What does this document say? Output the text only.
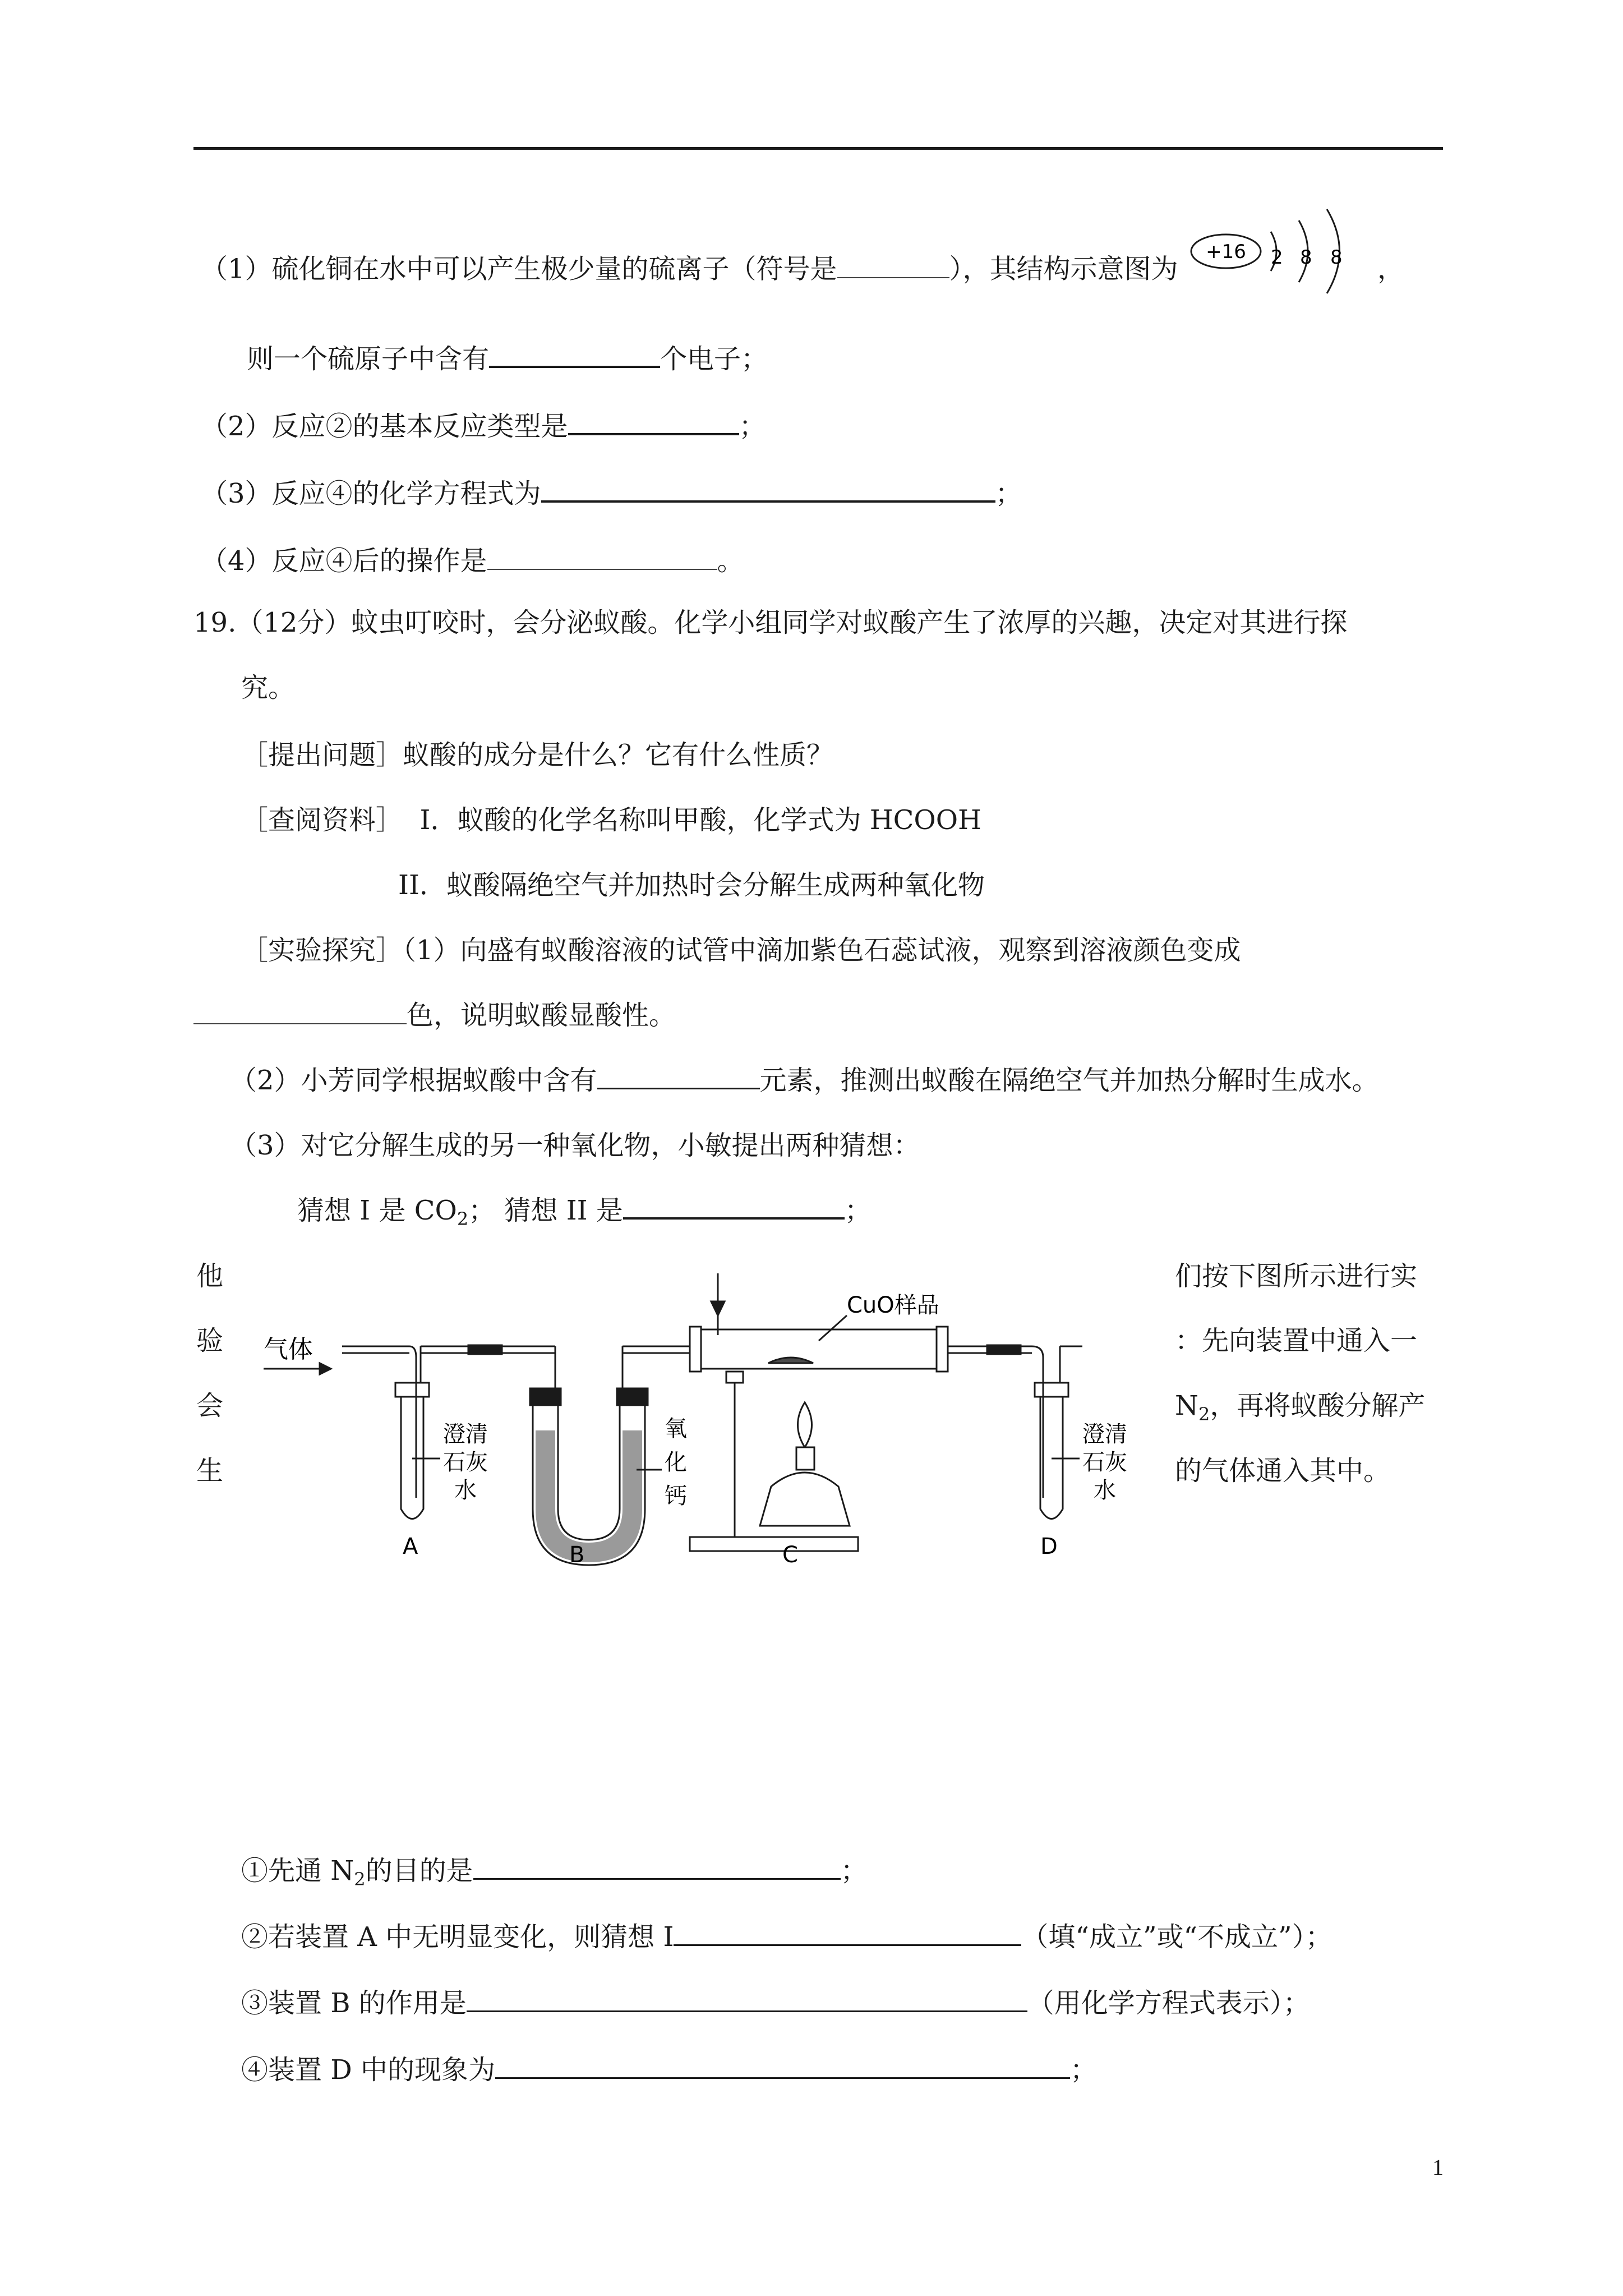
（1）硫化铜在水中可以产生极少量的硫离子（符号是	），其结构示意图为
+16 2 8 8 ，
则一个硫原子中含有	个电子；
（2）反应②的基本反应类型是	；
（3）反应④的化学方程式为	；
（4）反应④后的操作是	。
19.（12分）蚊虫叮咬时，会分泌蚁酸。化学小组同学对蚁酸产生了浓厚的兴趣，决定对其进行探
究。
［提出问题］蚁酸的成分是什么？它有什么性质？
［查阅资料］ I．蚁酸的化学名称叫甲酸，化学式为 HCOOH
II．蚁酸隔绝空气并加热时会分解生成两种氧化物
［实验探究］（1）向盛有蚁酸溶液的试管中滴加紫色石蕊试液，观察到溶液颜色变成
色，说明蚁酸显酸性。
（2）小芳同学根据蚁酸中含有	元素，推测出蚁酸在隔绝空气并加热分解时生成水。
（3）对它分解生成的另一种氧化物，小敏提出两种猜想：
猜想 I 是 $CO_2$； 猜想 II 是	；
他
验
会
生
们按下图所示进行实
：先向装置中通入一
$N_2$，再将蚁酸分解产
的气体通入其中。
气体
CuO样品
澄清
石灰
水
氧
化
钙
澄清
石灰
水
A	B	C	D
①先通 $N_2$的目的是	；
②若装置 A 中无明显变化，则猜想 I	（填“成立”或“不成立”）；
③装置 B 的作用是	（用化学方程式表示）；
④装置 D 中的现象为	；
1
